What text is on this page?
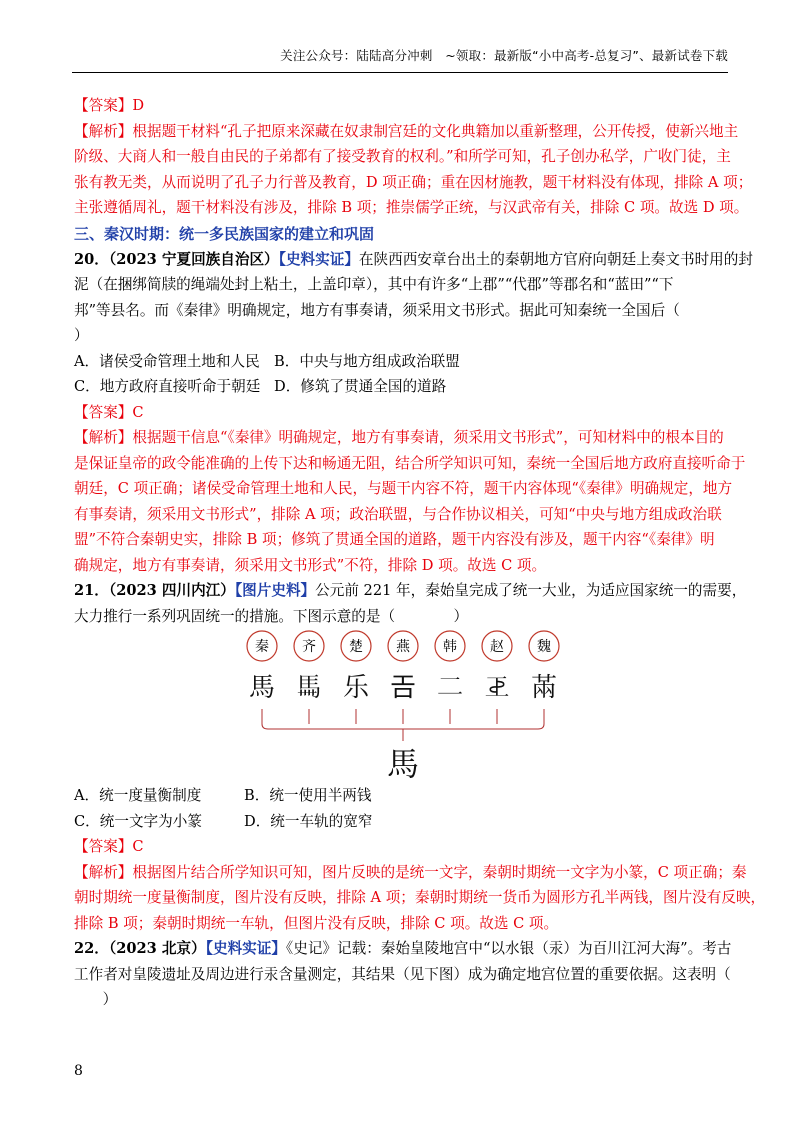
关注公众号：陆陆高分冲刺　~领取：最新版“小中高考-总复习”、最新试卷下载
【答案】D
【解析】根据题干材料“孔子把原来深藏在奴隶制宫廷的文化典籍加以重新整理，公开传授，使新兴地主
阶级、大商人和一般自由民的子弟都有了接受教育的权利。”和所学可知，孔子创办私学，广收门徒，主
张有教无类，从而说明了孔子力行普及教育，D 项正确；重在因材施教，题干材料没有体现，排除 A 项；
主张遵循周礼，题干材料没有涉及，排除 B 项；推崇儒学正统，与汉武帝有关，排除 C 项。故选 D 项。
三、秦汉时期：统一多民族国家的建立和巩固
20．（2023 宁夏回族自治区）【史料实证】在陕西西安章台出土的秦朝地方官府向朝廷上奏文书时用的封
泥（在捆绑简牍的绳端处封上粘土，上盖印章），其中有许多“上郡”“代郡”等郡名和“蓝田”“下
邦”等县名。而《秦律》明确规定，地方有事奏请，须采用文书形式。据此可知秦统一全国后（
）
A．诸侯受命管理土地和人民 B．中央与地方组成政治联盟
C．地方政府直接听命于朝廷 D．修筑了贯通全国的道路
【答案】C
【解析】根据题干信息“《秦律》明确规定，地方有事奏请，须采用文书形式”，可知材料中的根本目的
是保证皇帝的政令能准确的上传下达和畅通无阻，结合所学知识可知，秦统一全国后地方政府直接听命于
朝廷，C 项正确；诸侯受命管理土地和人民，与题干内容不符，题干内容体现“《秦律》明确规定，地方
有事奏请，须采用文书形式”，排除 A 项；政治联盟，与合作协议相关，可知“中央与地方组成政治联
盟”不符合秦朝史实，排除 B 项；修筑了贯通全国的道路，题干内容没有涉及，题干内容“《秦律》明
确规定，地方有事奏请，须采用文书形式”不符，排除 D 项。故选 C 项。
21．（2023 四川内江）【图片史料】公元前 221 年，秦始皇完成了统一大业，为适应国家统一的需要，
大力推行一系列巩固统一的措施。下图示意的是（　　　　）
秦 齐 楚 燕 韩 赵 魏
馬 𩡧 乐 𢀛 𠄞 𢀓 㒼
馬
A．统一度量衡制度	B．统一使用半两钱
C．统一文字为小篆	D．统一车轨的宽窄
【答案】C
【解析】根据图片结合所学知识可知，图片反映的是统一文字，秦朝时期统一文字为小篆，C 项正确；秦
朝时期统一度量衡制度，图片没有反映，排除 A 项；秦朝时期统一货币为圆形方孔半两钱，图片没有反映，
排除 B 项；秦朝时期统一车轨，但图片没有反映，排除 C 项。故选 C 项。
22．（2023 北京）【史料实证】《史记》记载：秦始皇陵地宫中“以水银（汞）为百川江河大海”。考古
工作者对皇陵遗址及周边进行汞含量测定，其结果（见下图）成为确定地宫位置的重要依据。这表明（
　）
8
